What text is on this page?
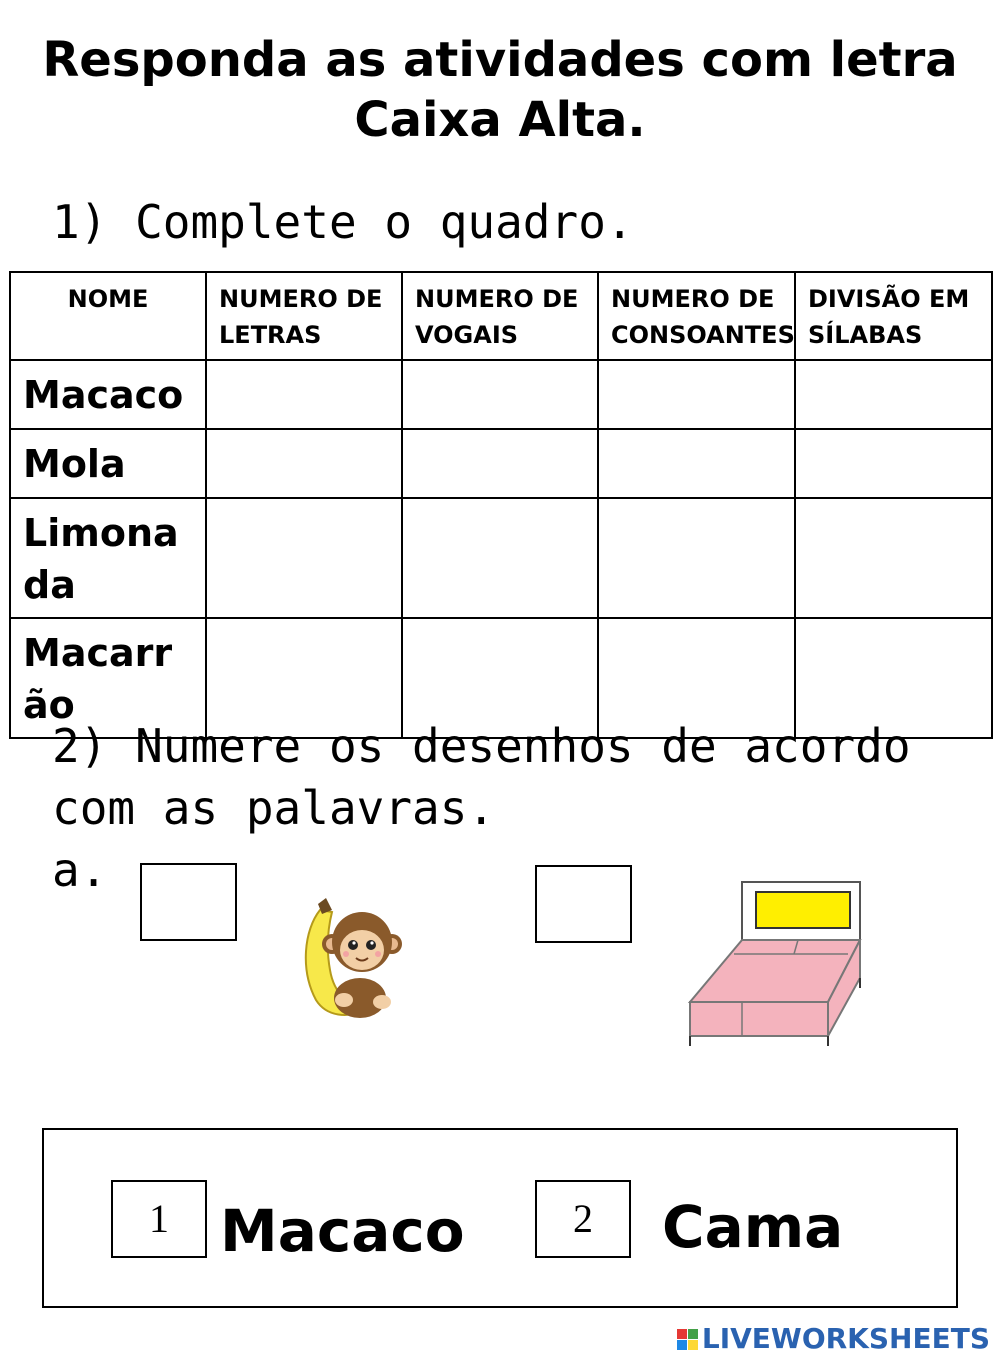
Responda as atividades com letra
Caixa Alta.
1) Complete o quadro.
NOME	NUMERO DE LETRAS	NUMERO DE VOGAIS	NUMERO DE CONSOANTES	DIVISÃO EM SÍLABAS
Macaco				
Mola				
Limonada				
Macarrão				
2) Numere os desenhos de acordo com as palavras.
a.
1 Macaco	2	Cama
LIVEWORKSHEETS
